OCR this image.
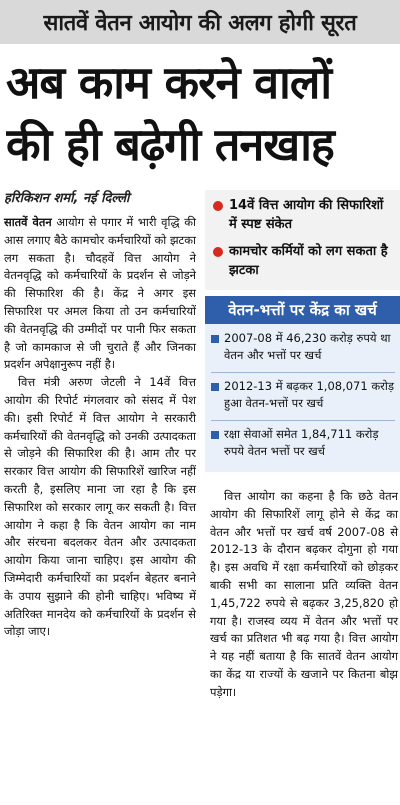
सातवें वेतन आयोग की अलग होगी सूरत
अब काम करने वालों
की ही बढ़ेगी तनखाह
हरिकिशन शर्मा, नई दिल्ली

सातवें वेतन आयोग से पगार में भारी वृद्धि की आस लगाए बैठे कामचोर कर्मचारियों को झटका लग सकता है। चौदहवें वित्त आयोग ने वेतनवृद्धि को कर्मचारियों के प्रदर्शन से जोड़ने की सिफारिश की है। केंद्र ने अगर इस सिफारिश पर अमल किया तो उन कर्मचारियों की वेतनवृद्धि की उम्मीदों पर पानी फिर सकता है जो कामकाज से जी चुराते हैं और जिनका प्रदर्शन अपेक्षानुरूप नहीं है।

वित्त मंत्री अरुण जेटली ने 14वें वित्त आयोग की रिपोर्ट मंगलवार को संसद में पेश की। इसी रिपोर्ट में वित्त आयोग ने सरकारी कर्मचारियों की वेतनवृद्धि को उनकी उत्पादकता से जोड़ने की सिफारिश की है। आम तौर पर सरकार वित्त आयोग की सिफारिशें खारिज नहीं करती है, इसलिए माना जा रहा है कि इस सिफारिश को सरकार लागू कर सकती है। वित्त आयोग ने कहा है कि वेतन आयोग का नाम और संरचना बदलकर वेतन और उत्पादकता आयोग किया जाना चाहिए। इस आयोग की जिम्मेदारी कर्मचारियों का प्रदर्शन बेहतर बनाने के उपाय सुझाने की होनी चाहिए। भविष्य में अतिरिक्त मानदेय को कर्मचारियों के प्रदर्शन से जोड़ा जाए।

14वें वित्त आयोग की सिफारिशों में स्पष्ट संकेत
कामचोर कर्मियों को लग सकता है झटका
वेतन-भत्तों पर केंद्र का खर्च
2007-08 में 46,230 करोड़ रुपये था वेतन और भत्तों पर खर्च
2012-13 में बढ़कर 1,08,071 करोड़ हुआ वेतन-भत्तों पर खर्च
रक्षा सेवाओं समेत 1,84,711 करोड़ रुपये वेतन भत्तों पर खर्च

वित्त आयोग का कहना है कि छठे वेतन आयोग की सिफारिशें लागू होने से केंद्र का वेतन और भत्तों पर खर्च वर्ष 2007-08 से 2012-13 के दौरान बढ़कर दोगुना हो गया है। इस अवधि में रक्षा कर्मचारियों को छोड़कर बाकी सभी का सालाना प्रति व्यक्ति वेतन 1,45,722 रुपये से बढ़कर 3,25,820 हो गया है। राजस्व व्यय में वेतन और भत्तों पर खर्च का प्रतिशत भी बढ़ गया है। वित्त आयोग ने यह नहीं बताया है कि सातवें वेतन आयोग का केंद्र या राज्यों के खजाने पर कितना बोझ पड़ेगा।
